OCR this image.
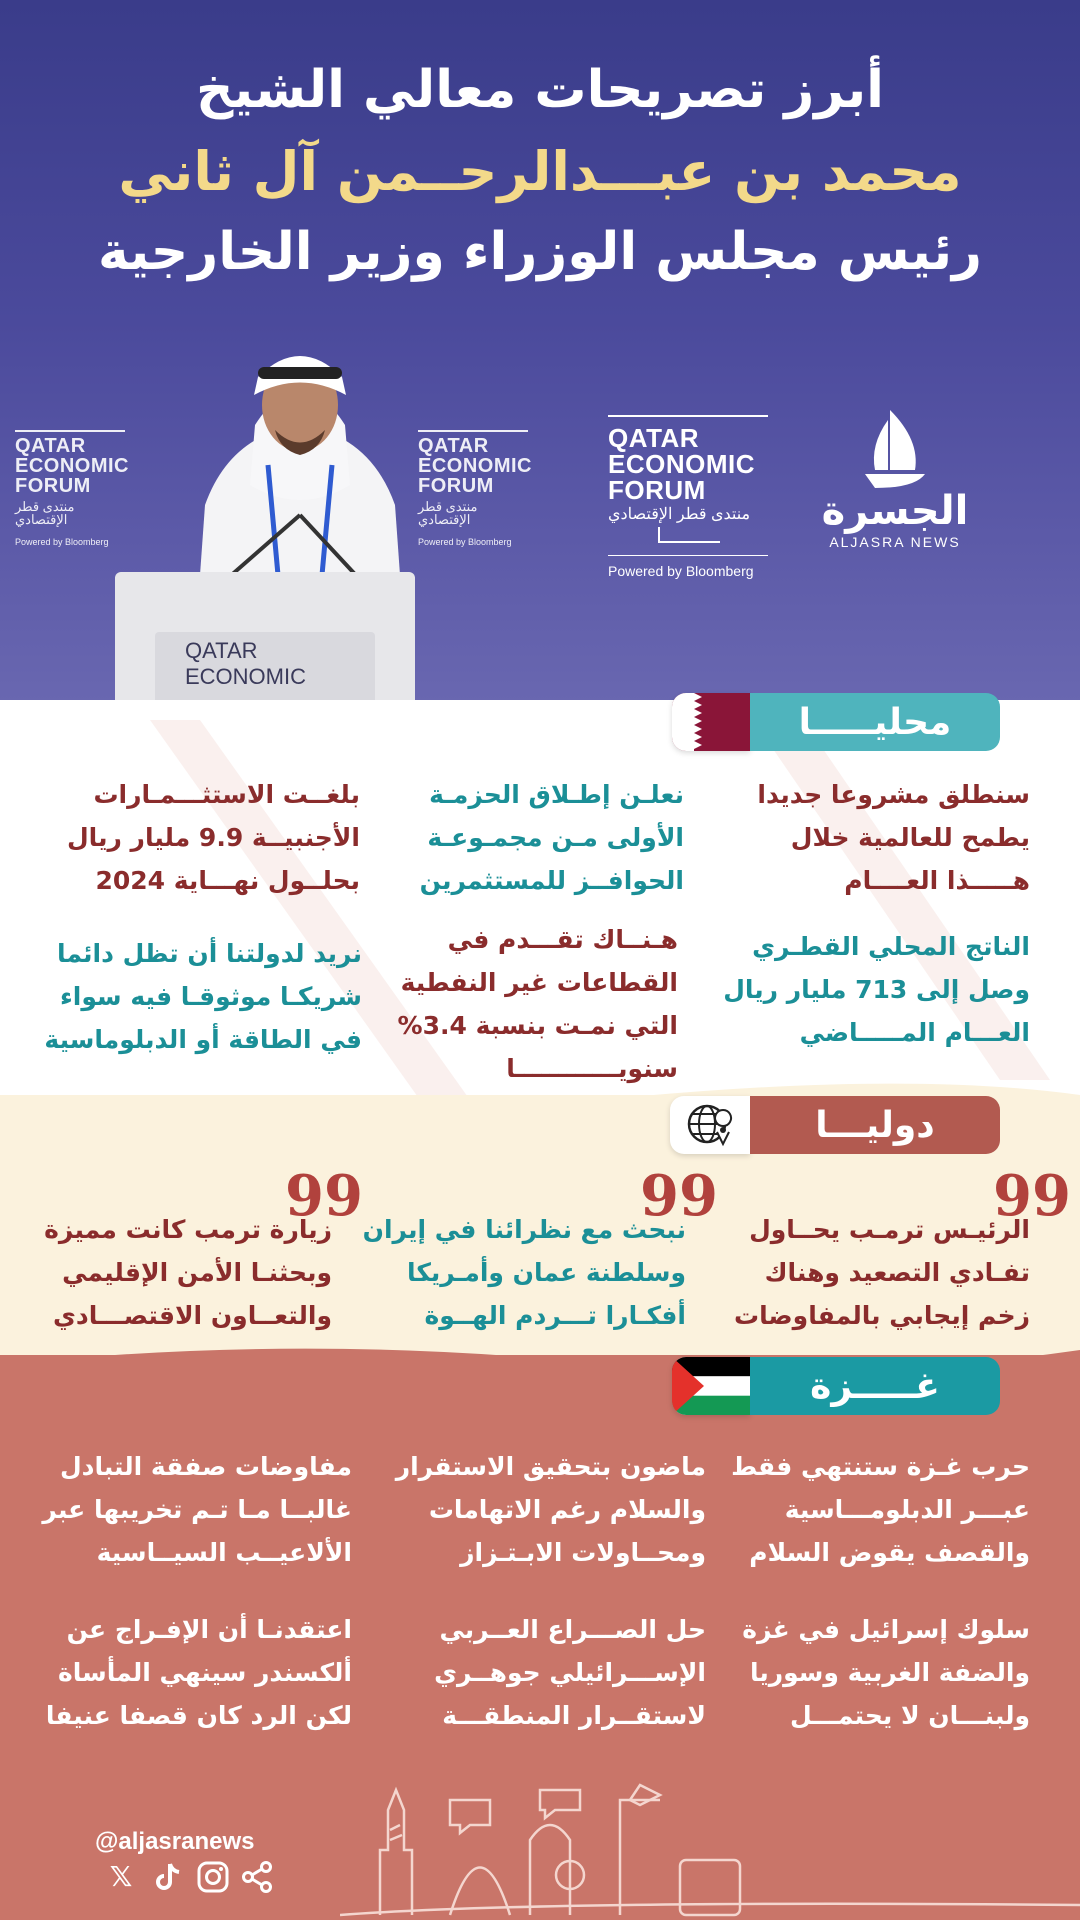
أبرز تصريحات معالي الشيخ
محمد بن عبـــدالرحــمن آل ثاني
رئيس مجلس الوزراء وزير الخارجية
QATAR
ECONOMIC
FORUM
منتدى قطر الإقتصادي
Powered by Bloomberg
QATAR
ECONOMIC
FORUM
منتدى قطر الإقتصادي
Powered by Bloomberg
QATAR
ECONOMIC
QATAR
ECONOMIC
FORUM
منتدى قطر الإقتصادي
Powered by Bloomberg
الجسرة
ALJASRA NEWS
محليـــــا
سنطلق مشروعا جديدا
يطمح للعالمية خلال
هـــــذا العــــام
نعلـن إطـلاق الحزمـة
الأولى مـن مجمـوعـة
الحوافــز للمستثمرين
بلغــت الاستثـــمـارات
الأجنبيــة 9.9 مليار ريال
بحلــول نهـــاية 2024
الناتج المحلي القطـري
وصل إلى 713 مليار ريال
العـــام المـــــاضي
هـنــاك تقـــدم في
القطاعات غير النفطية
التي نمـت بنسبة 3.4%
سنويــــــــــــا
نريد لدولتنا أن تظل دائما
شريكـا موثوقـا فيه سواء
في الطاقة أو الدبلوماسية
دوليـــا
99
99
99
الرئيـس ترمـب يحــاول
تفـادي التصعيد وهناك
زخم إيجابي بالمفاوضات
نبحث مع نظرائنا في إيران
وسلطنة عمان وأمـريكا
أفكـارا تـــردم الهــوة
زيارة ترمب كانت مميزة
وبحثنـا الأمن الإقليمي
والتعــاون الاقتصـــادي
غـــــزة
حرب غـزة ستنتهي فقط
عبـــر الدبلومـــاسية
والقصف يقوض السلام
ماضون بتحقيق الاستقرار
والسلام رغم الاتهامات
ومحــاولات الابـتـزاز
مفاوضات صفقة التبادل
غالبــا مـا تـم تخريبها عبر
الألاعيــب السيــاسية
سلوك إسرائيل في غزة
والضفة الغربية وسوريا
ولبنـــان لا يحتمـــل
حل الصـــراع العــربي
الإســـرائيلي جوهــري
لاستقــرار المنطقـــة
اعتقدنـا أن الإفـراج عن
ألكسندر سينهي المأساة
لكن الرد كان قصفا عنيفا
@aljasranews
𝕏
